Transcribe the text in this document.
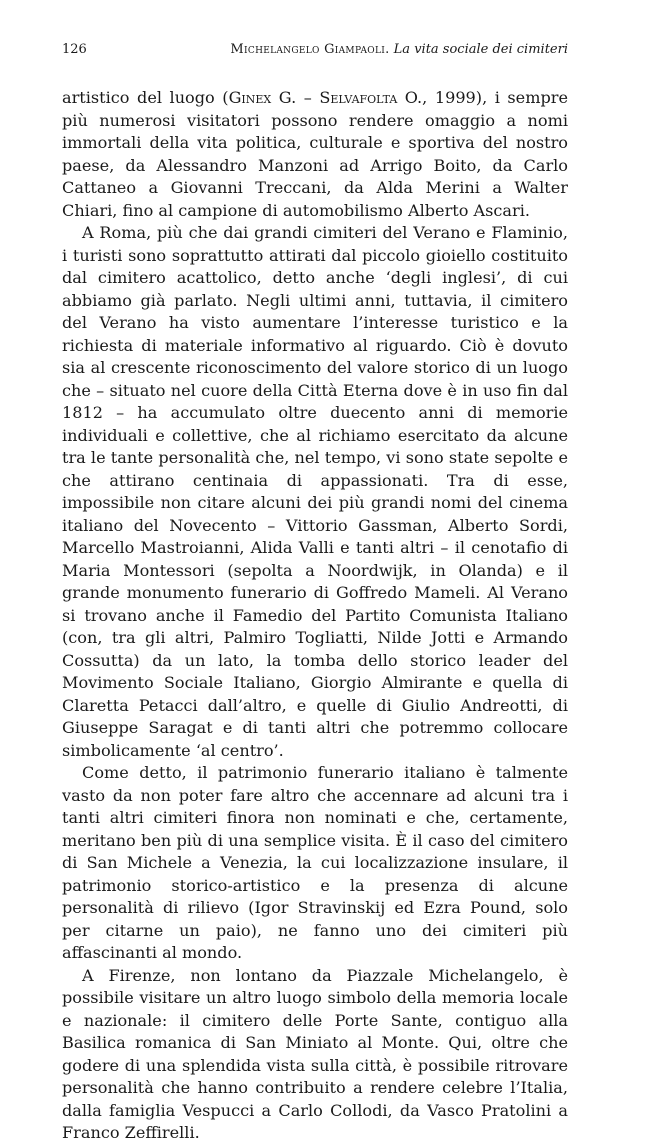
126	Michelangelo Giampaoli. La vita sociale dei cimiteri

artistico del luogo (Ginex G. – Selvafolta O., 1999), i sempre più numerosi visitatori possono rendere omaggio a nomi immortali della vita politica, culturale e sportiva del nostro paese, da Alessandro Manzoni ad Arrigo Boito, da Carlo Cattaneo a Giovanni Treccani, da Alda Merini a Walter Chiari, fino al campione di automobilismo Alberto Ascari.

A Roma, più che dai grandi cimiteri del Verano e Flaminio, i turisti sono soprattutto attirati dal piccolo gioiello costituito dal cimitero acattolico, detto anche ‘degli inglesi’, di cui abbiamo già parlato. Negli ultimi anni, tuttavia, il cimitero del Verano ha visto aumentare l’interesse turistico e la richiesta di materiale informativo al riguardo. Ciò è dovuto sia al crescente riconoscimento del valore storico di un luogo che – situato nel cuore della Città Eterna dove è in uso fin dal 1812 – ha accumulato oltre duecento anni di memorie individuali e collettive, che al richiamo esercitato da alcune tra le tante personalità che, nel tempo, vi sono state sepolte e che attirano centinaia di appassionati. Tra di esse, impossibile non citare alcuni dei più grandi nomi del cinema italiano del Novecento – Vittorio Gassman, Alberto Sordi, Marcello Mastroianni, Alida Valli e tanti altri – il cenotafio di Maria Montessori (sepolta a Noordwijk, in Olanda) e il grande monumento funerario di Goffredo Mameli. Al Verano si trovano anche il Famedio del Partito Comunista Italiano (con, tra gli altri, Palmiro Togliatti, Nilde Jotti e Armando Cossutta) da un lato, la tomba dello storico leader del Movimento Sociale Italiano, Giorgio Almirante e quella di Claretta Petacci dall’altro, e quelle di Giulio Andreotti, di Giuseppe Saragat e di tanti altri che potremmo collocare simbolicamente ‘al centro’.

Come detto, il patrimonio funerario italiano è talmente vasto da non poter fare altro che accennare ad alcuni tra i tanti altri cimiteri finora non nominati e che, certamente, meritano ben più di una semplice visita. È il caso del cimitero di San Michele a Venezia, la cui localizzazione insulare, il patrimonio storico-artistico e la presenza di alcune personalità di rilievo (Igor Stravinskij ed Ezra Pound, solo per citarne un paio), ne fanno uno dei cimiteri più affascinanti al mondo.

A Firenze, non lontano da Piazzale Michelangelo, è possibile visitare un altro luogo simbolo della memoria locale e nazionale: il cimitero delle Porte Sante, contiguo alla Basilica romanica di San Miniato al Monte. Qui, oltre che godere di una splendida vista sulla città, è possibile ritrovare personalità che hanno contribuito a rendere celebre l’Italia, dalla famiglia Vespucci a Carlo Collodi, da Vasco Pratolini a Franco Zeffirelli.
